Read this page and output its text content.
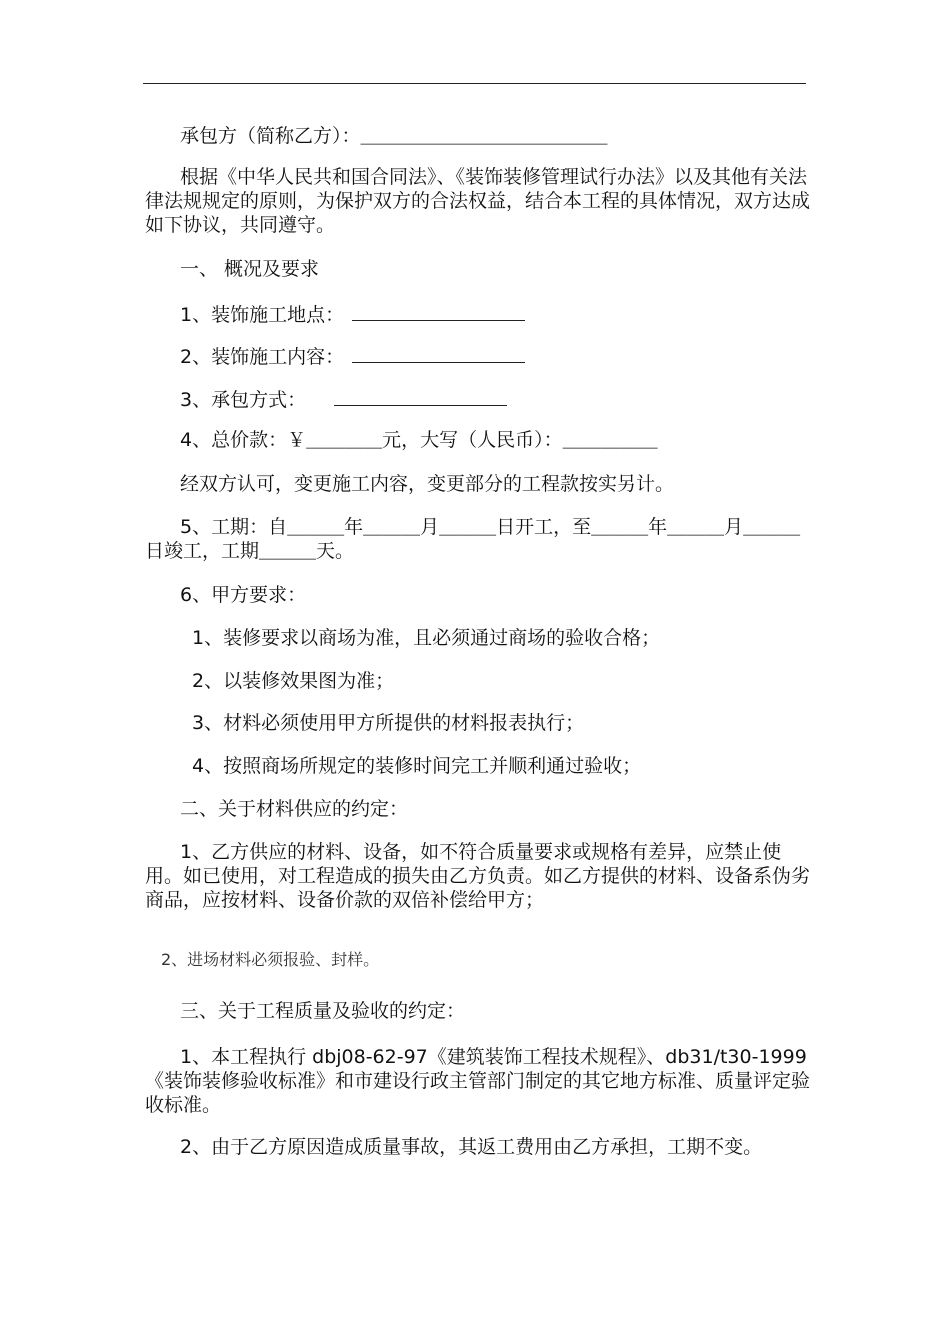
承包方（简称乙方）：＿＿＿＿＿＿＿＿＿＿＿＿＿

根据《中华人民共和国合同法》、《装饰装修管理试行办法》以及其他有关法律法规规定的原则，为保护双方的合法权益，结合本工程的具体情况，双方达成如下协议，共同遵守。

一、 概况及要求

1、装饰施工地点：

2、装饰施工内容：

3、承包方式：

4、总价款：￥＿＿＿＿元，大写（人民币）：＿＿＿＿＿

经双方认可，变更施工内容，变更部分的工程款按实另计。

5、工期：自＿＿＿年＿＿＿月＿＿＿日开工，至＿＿＿年＿＿＿月＿＿＿日竣工，工期＿＿＿天。

6、甲方要求：

1、装修要求以商场为准，且必须通过商场的验收合格；

2、以装修效果图为准；

3、材料必须使用甲方所提供的材料报表执行；

4、按照商场所规定的装修时间完工并顺利通过验收；

二、关于材料供应的约定：

1、乙方供应的材料、设备，如不符合质量要求或规格有差异，应禁止使用。如已使用，对工程造成的损失由乙方负责。如乙方提供的材料、设备系伪劣商品，应按材料、设备价款的双倍补偿给甲方；

2、进场材料必须报验、封样。

三、关于工程质量及验收的约定：

1、本工程执行 dbj08-62-97《建筑装饰工程技术规程》、db31/t30-1999《装饰装修验收标准》和市建设行政主管部门制定的其它地方标准、质量评定验收标准。

2、由于乙方原因造成质量事故，其返工费用由乙方承担，工期不变。
